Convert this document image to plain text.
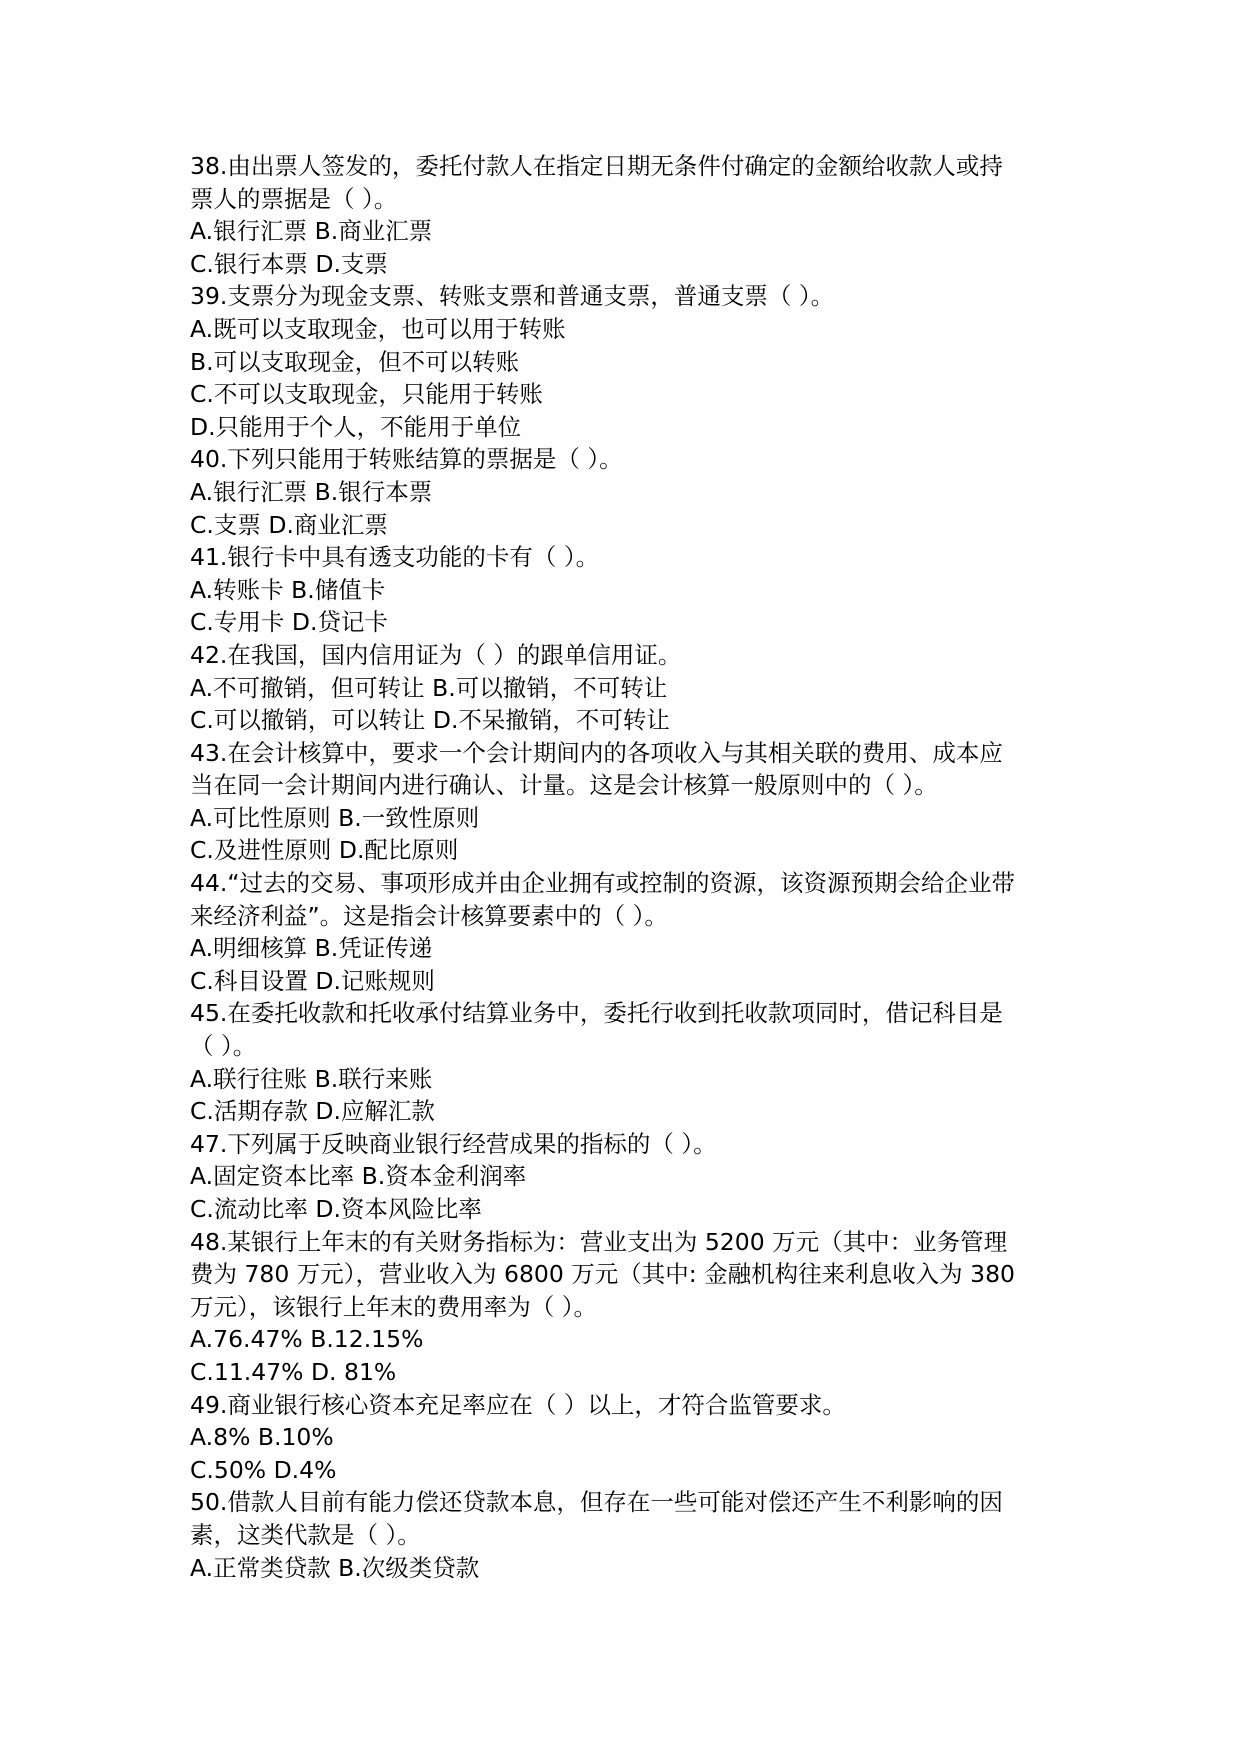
38.由出票人签发的，委托付款人在指定日期无条件付确定的金额给收款人或持
票人的票据是（ ）。
A.银行汇票 B.商业汇票
C.银行本票 D.支票
39.支票分为现金支票、转账支票和普通支票，普通支票（ ）。
A.既可以支取现金，也可以用于转账
B.可以支取现金，但不可以转账
C.不可以支取现金，只能用于转账
D.只能用于个人，不能用于单位
40.下列只能用于转账结算的票据是（ ）。
A.银行汇票 B.银行本票
C.支票 D.商业汇票
41.银行卡中具有透支功能的卡有（ ）。
A.转账卡 B.储值卡
C.专用卡 D.贷记卡
42.在我国，国内信用证为（ ）的跟单信用证。
A.不可撤销，但可转让 B.可以撤销，不可转让
C.可以撤销，可以转让 D.不呆撤销，不可转让
43.在会计核算中，要求一个会计期间内的各项收入与其相关联的费用、成本应
当在同一会计期间内进行确认、计量。这是会计核算一般原则中的（ ）。
A.可比性原则 B.一致性原则
C.及进性原则 D.配比原则
44.“过去的交易、事项形成并由企业拥有或控制的资源，该资源预期会给企业带
来经济利益”。这是指会计核算要素中的（ ）。
A.明细核算 B.凭证传递
C.科目设置 D.记账规则
45.在委托收款和托收承付结算业务中，委托行收到托收款项同时，借记科目是
（ ）。
A.联行往账 B.联行来账
C.活期存款 D.应解汇款
47.下列属于反映商业银行经营成果的指标的（ ）。
A.固定资本比率 B.资本金利润率
C.流动比率 D.资本风险比率
48.某银行上年末的有关财务指标为：营业支出为 5200 万元（其中：业务管理
费为 780 万元），营业收入为 6800 万元（其中: 金融机构往来利息收入为 380
万元），该银行上年末的费用率为（ ）。
A.76.47% B.12.15%
C.11.47% D. 81%
49.商业银行核心资本充足率应在（ ）以上，才符合监管要求。
A.8% B.10%
C.50% D.4%
50.借款人目前有能力偿还贷款本息，但存在一些可能对偿还产生不利影响的因
素，这类代款是（ ）。
A.正常类贷款 B.次级类贷款
